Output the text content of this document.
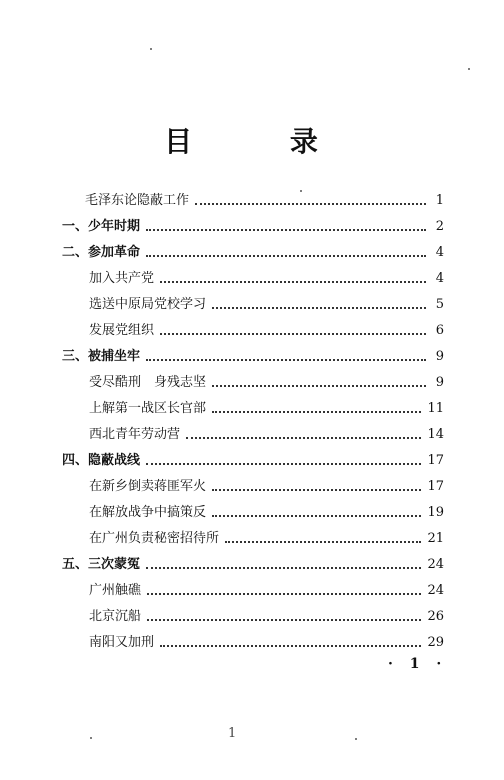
目 录
毛泽东论隐蔽工作	1
一、少年时期	2
二、参加革命	4
加入共产党	4
选送中原局党校学习	5
发展党组织	6
三、被捕坐牢	9
受尽酷刑　身残志坚	9
上解第一战区长官部	11
西北青年劳动营	14
四、隐蔽战线	17
在新乡倒卖蒋匪军火	17
在解放战争中搞策反	19
在广州负责秘密招待所	21
五、三次蒙冤	24
广州触礁	24
北京沉船	26
南阳又加刑	29
· 1 ·
1
